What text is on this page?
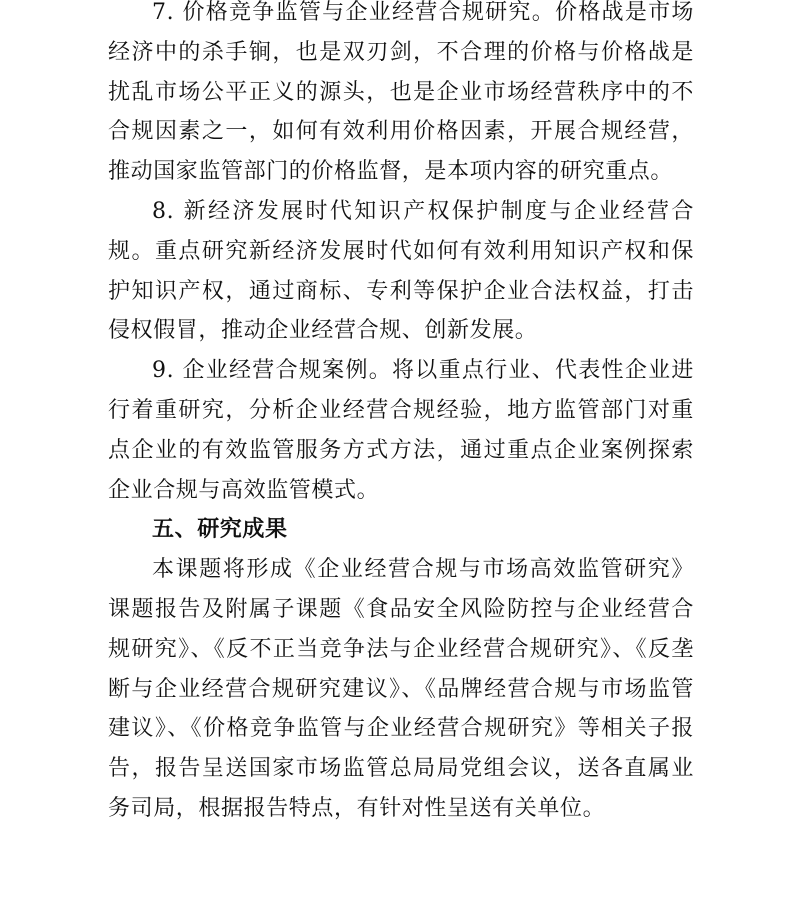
7. 价格竞争监管与企业经营合规研究。价格战是市场经济中的杀手锏，也是双刃剑，不合理的价格与价格战是扰乱市场公平正义的源头，也是企业市场经营秩序中的不合规因素之一，如何有效利用价格因素，开展合规经营，推动国家监管部门的价格监督，是本项内容的研究重点。

8. 新经济发展时代知识产权保护制度与企业经营合规。重点研究新经济发展时代如何有效利用知识产权和保护知识产权，通过商标、专利等保护企业合法权益，打击侵权假冒，推动企业经营合规、创新发展。

9. 企业经营合规案例。将以重点行业、代表性企业进行着重研究，分析企业经营合规经验，地方监管部门对重点企业的有效监管服务方式方法，通过重点企业案例探索企业合规与高效监管模式。

五、研究成果

本课题将形成《企业经营合规与市场高效监管研究》课题报告及附属子课题《食品安全风险防控与企业经营合规研究》、《反不正当竞争法与企业经营合规研究》、《反垄断与企业经营合规研究建议》、《品牌经营合规与市场监管建议》、《价格竞争监管与企业经营合规研究》等相关子报告，报告呈送国家市场监管总局局党组会议，送各直属业务司局，根据报告特点，有针对性呈送有关单位。
